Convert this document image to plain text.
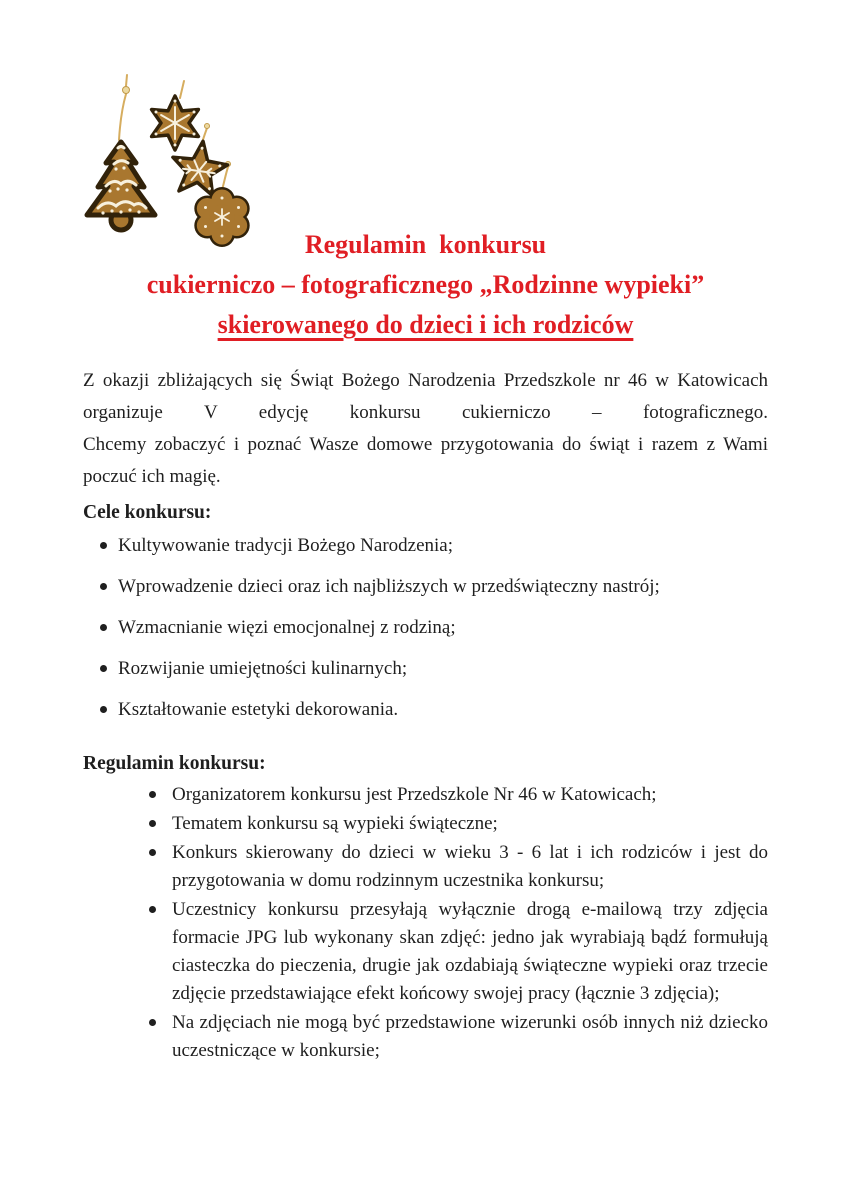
Regulamin  konkursu
cukierniczo – fotograficznego „Rodzinne wypieki”
skierowanego do dzieci i ich rodziców
Z okazji zbliżających się Świąt Bożego Narodzenia Przedszkole nr 46 w Katowicach
organizuje V edycję konkursu cukierniczo – fotograficznego.
Chcemy zobaczyć i poznać Wasze domowe przygotowania do świąt i razem z Wami
poczuć ich magię.
Cele konkursu:
Kultywowanie tradycji Bożego Narodzenia;
Wprowadzenie dzieci oraz ich najbliższych w przedświąteczny nastrój;
Wzmacnianie więzi emocjonalnej z rodziną;
Rozwijanie umiejętności kulinarnych;
Kształtowanie estetyki dekorowania.
Regulamin konkursu:
Organizatorem konkursu jest Przedszkole Nr 46 w Katowicach;
Tematem konkursu są wypieki świąteczne;
Konkurs skierowany do dzieci w wieku 3 - 6 lat i ich rodziców i jest do przygotowania w domu rodzinnym uczestnika konkursu;
Uczestnicy konkursu przesyłają wyłącznie drogą e-mailową trzy zdjęcia formacie JPG lub wykonany skan zdjęć: jedno jak wyrabiają bądź formułują ciasteczka do pieczenia, drugie jak ozdabiają świąteczne wypieki oraz trzecie zdjęcie przedstawiające efekt końcowy swojej pracy (łącznie 3 zdjęcia);
Na zdjęciach nie mogą być przedstawione wizerunki osób innych niż dziecko uczestniczące w konkursie;
